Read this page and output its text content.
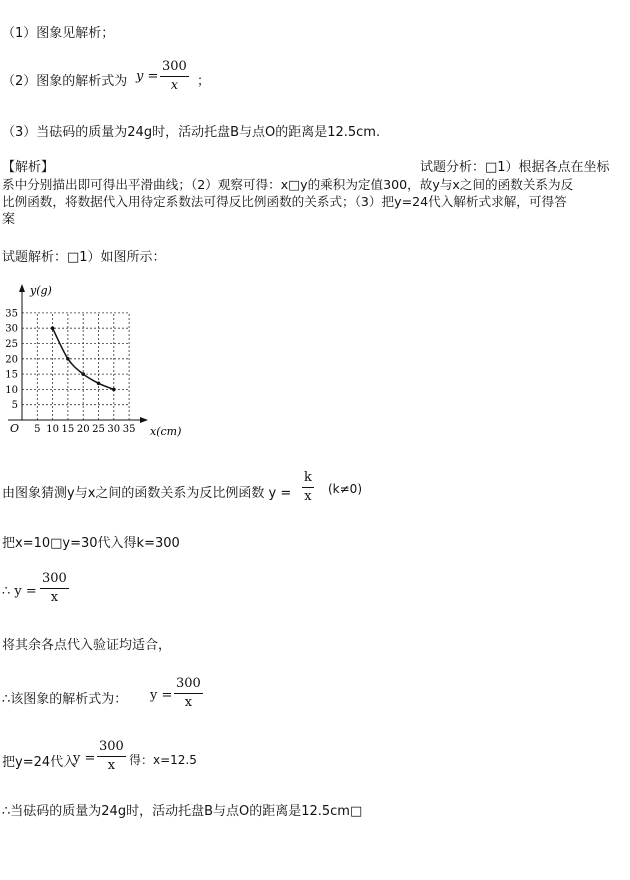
（1）图象见解析；
（2）图象的解析式为 y =
300
x	；
（3）当砝码的质量为24g时，活动托盘B与点O的距离是12.5cm.
【解析】	试题分析：□1）根据各点在坐标
系中分别描出即可得出平滑曲线；（2）观察可得：x□y的乘积为定值300，故y与x之间的函数关系为反
比例函数，将数据代入用待定系数法可得反比例函数的关系式；（3）把y=24代入解析式求解，可得答
案
试题解析：□1）如图所示：
5 10 15 20 25 30 35
5
10
15
20
25
30
35
y(g)
x(cm)
O
由图象猜测y与x之间的函数关系为反比例函数 y =
k
x (k≠0)
把x=10□y=30代入得k=300
∴ y =
300
x
将其余各点代入验证均适合，
∴该图象的解析式为： y =
300
x
把y=24代入
y =
300
x	得：x=12.5
∴当砝码的质量为24g时，活动托盘B与点O的距离是12.5cm□
